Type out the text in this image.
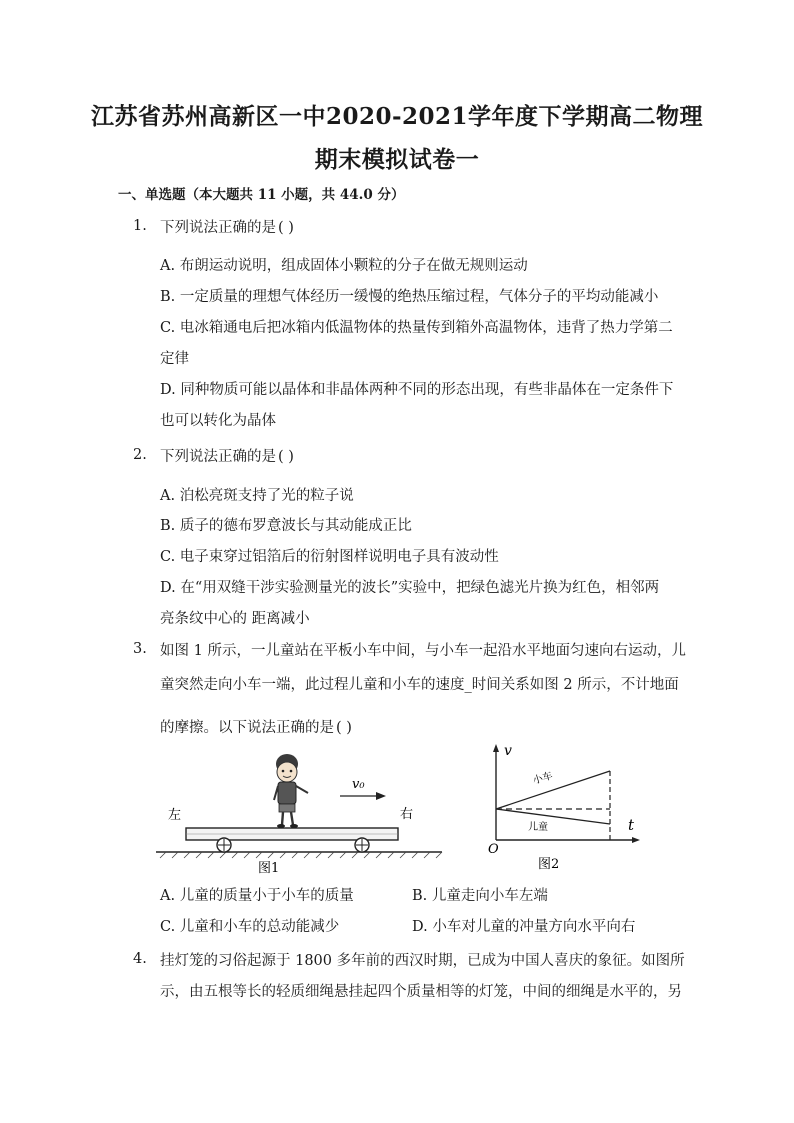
江苏省苏州高新区一中2020-2021学年度下学期高二物理
期末模拟试卷一
一、单选题（本大题共 11 小题，共 44.0 分）
1. 下列说法正确的是 ( )
A. 布朗运动说明，组成固体小颗粒的分子在做无规则运动
B. 一定质量的理想气体经历一缓慢的绝热压缩过程，气体分子的平均动能减小
C. 电冰箱通电后把冰箱内低温物体的热量传到箱外高温物体，违背了热力学第二
定律
D. 同种物质可能以晶体和非晶体两种不同的形态出现，有些非晶体在一定条件下
也可以转化为晶体
2. 下列说法正确的是 ( )
A. 泊松亮斑支持了光的粒子说
B. 质子的德布罗意波长与其动能成正比
C. 电子束穿过铝箔后的衍射图样说明电子具有波动性
D. 在“用双缝干涉实验测量光的波长”实验中，把绿色滤光片换为红色，相邻两
亮条纹中心的 距离减小
3. 如图 1 所示，一儿童站在平板小车中间，与小车一起沿水平地面匀速向右运动，儿
童突然走向小车一端，此过程儿童和小车的速度_时间关系如图 2 所示，不计地面
的摩擦。以下说法正确的是 ( )
v₀
左	右
图1
v
t
O
小车
儿童
图2
A. 儿童的质量小于小车的质量	B. 儿童走向小车左端
C. 儿童和小车的总动能减少	D. 小车对儿童的冲量方向水平向右
4. 挂灯笼的习俗起源于 1800 多年前的西汉时期，已成为中国人喜庆的象征。如图所
示，由五根等长的轻质细绳悬挂起四个质量相等的灯笼，中间的细绳是水平的，另
